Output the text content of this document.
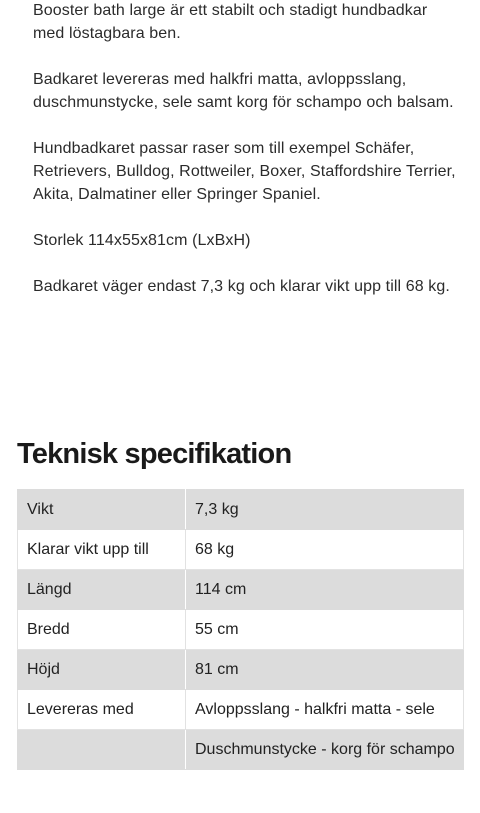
Booster bath large är ett stabilt och stadigt hundbadkar med löstagbara ben.

Badkaret levereras med halkfri matta, avloppsslang, duschmunstycke, sele samt korg för schampo och balsam.

Hundbadkaret passar raser som till exempel Schäfer, Retrievers, Bulldog, Rottweiler, Boxer, Staffordshire Terrier, Akita, Dalmatiner eller Springer Spaniel.

Storlek 114x55x81cm (LxBxH)

Badkaret väger endast 7,3 kg och klarar vikt upp till 68 kg.

Teknisk specifikation
Vikt	7,3 kg
Klarar vikt upp till	68 kg
Längd	114 cm
Bredd	55 cm
Höjd	81 cm
Levereras med	Avloppsslang - halkfri matta - sele
	Duschmunstycke - korg för schampo
